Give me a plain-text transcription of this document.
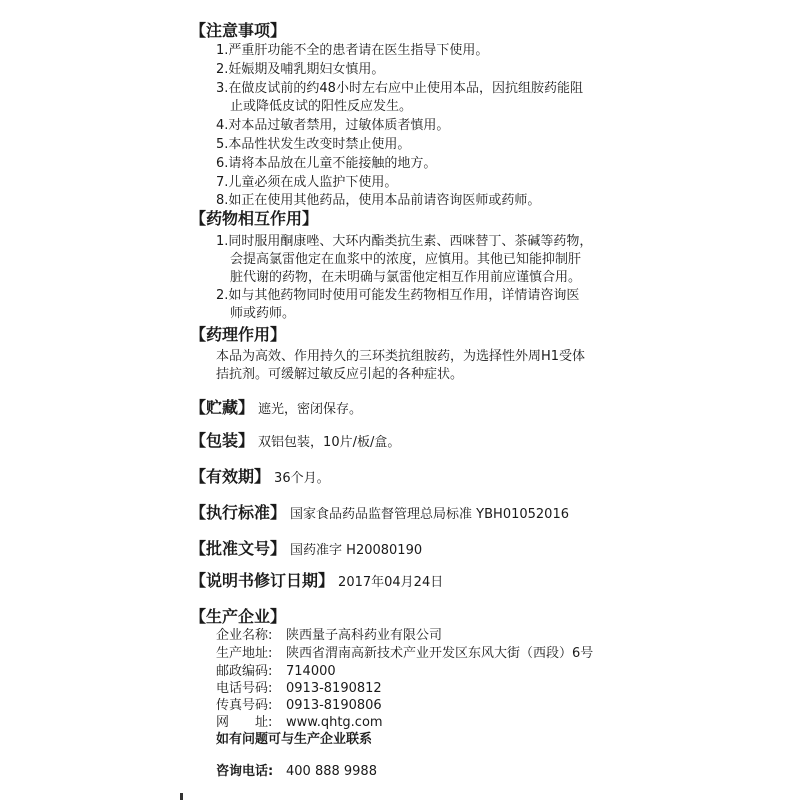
【注意事项】
1.严重肝功能不全的患者请在医生指导下使用。
2.妊娠期及哺乳期妇女慎用。
3.在做皮试前的约48小时左右应中止使用本品，因抗组胺药能阻
止或降低皮试的阳性反应发生。
4.对本品过敏者禁用，过敏体质者慎用。
5.本品性状发生改变时禁止使用。
6.请将本品放在儿童不能接触的地方。
7.儿童必须在成人监护下使用。
8.如正在使用其他药品，使用本品前请咨询医师或药师。
【药物相互作用】
1.同时服用酮康唑、大环内酯类抗生素、西咪替丁、茶碱等药物，
会提高氯雷他定在血浆中的浓度，应慎用。其他已知能抑制肝
脏代谢的药物，在未明确与氯雷他定相互作用前应谨慎合用。
2.如与其他药物同时使用可能发生药物相互作用，详情请咨询医
师或药师。
【药理作用】
本品为高效、作用持久的三环类抗组胺药，为选择性外周H1受体
拮抗剂。可缓解过敏反应引起的各种症状。
【贮藏】 遮光，密闭保存。
【包装】 双铝包装，10片/板/盒。
【有效期】 36个月。
【执行标准】 国家食品药品监督管理总局标准 YBH01052016
【批准文号】 国药准字 H20080190
【说明书修订日期】 2017年04月24日
【生产企业】
企业名称: 陕西量子高科药业有限公司
生产地址: 陕西省渭南高新技术产业开发区东风大街（西段）6号
邮政编码: 714000
电话号码: 0913-8190812
传真号码: 0913-8190806
网　　址: www.qhtg.com
如有问题可与生产企业联系
咨询电话: 400 888 9988
